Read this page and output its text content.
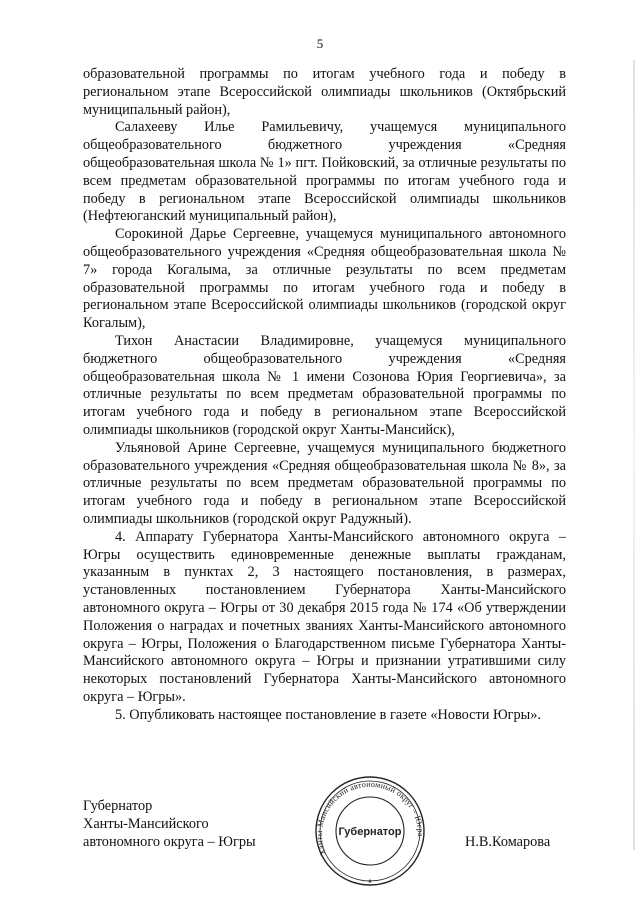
5

образовательной программы по итогам учебного года и победу в региональном этапе Всероссийской олимпиады школьников (Октябрьский муниципальный район),

Салахееву Илье Рамильевичу, учащемуся муниципального общеобразовательного бюджетного учреждения «Средняя общеобразовательная школа № 1» пгт. Пойковский, за отличные результаты по всем предметам образовательной программы по итогам учебного года и победу в региональном этапе Всероссийской олимпиады школьников (Нефтеюганский муниципальный район),

Сорокиной Дарье Сергеевне, учащемуся муниципального автономного общеобразовательного учреждения «Средняя общеобразовательная школа № 7» города Когалыма, за отличные результаты по всем предметам образовательной программы по итогам учебного года и победу в региональном этапе Всероссийской олимпиады школьников (городской округ Когалым),

Тихон Анастасии Владимировне, учащемуся муниципального бюджетного общеобразовательного учреждения «Средняя общеобразовательная школа № 1 имени Созонова Юрия Георгиевича», за отличные результаты по всем предметам образовательной программы по итогам учебного года и победу в региональном этапе Всероссийской олимпиады школьников (городской округ Ханты-Мансийск),

Ульяновой Арине Сергеевне, учащемуся муниципального бюджетного образовательного учреждения «Средняя общеобразовательная школа № 8», за отличные результаты по всем предметам образовательной программы по итогам учебного года и победу в региональном этапе Всероссийской олимпиады школьников (городской округ Радужный).

4. Аппарату Губернатора Ханты-Мансийского автономного округа – Югры осуществить единовременные денежные выплаты гражданам, указанным в пунктах 2, 3 настоящего постановления, в размерах, установленных постановлением Губернатора Ханты-Мансийского автономного округа – Югры от 30 декабря 2015 года № 174 «Об утверждении Положения о наградах и почетных званиях Ханты-Мансийского автономного округа – Югры, Положения о Благодарственном письме Губернатора Ханты-Мансийского автономного округа – Югры и признании утратившими силу некоторых постановлений Губернатора Ханты-Мансийского автономного округа – Югры».

5. Опубликовать настоящее постановление в газете «Новости Югры».

Губернатор
Ханты-Мансийского
автономного округа – Югры
Ханты-Мансийский автономный округ – Югра
Губернатор
★
Н.В.Комарова
